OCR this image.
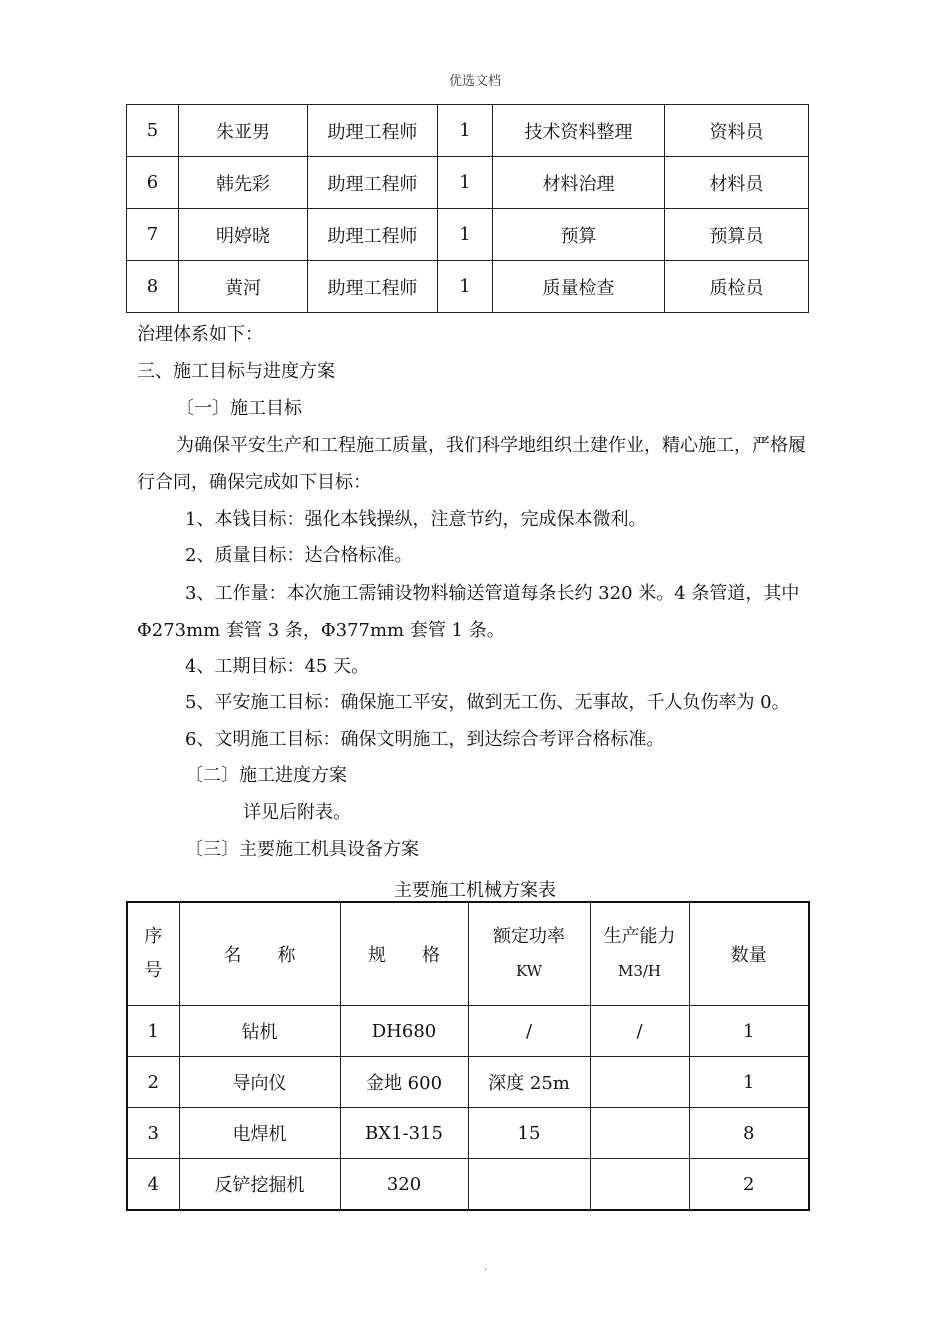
优选文档
5	朱亚男	助理工程师	1	技术资料整理	资料员
6	韩先彩	助理工程师	1	材料治理	材料员
7	明婷晓	助理工程师	1	预算	预算员
8	黄河	助理工程师	1	质量检查	质检员
治理体系如下：
三、施工目标与进度方案
〔一〕施工目标
为确保平安生产和工程施工质量，我们科学地组织土建作业，精心施工，严格履
行合同，确保完成如下目标：
1、本钱目标：强化本钱操纵，注意节约，完成保本微利。
2、质量目标：达合格标准。
3、工作量：本次施工需铺设物料输送管道每条长约 320 米。4 条管道，其中
Φ273mm 套管 3 条，Φ377mm 套管 1 条。
4、工期目标：45 天。
5、平安施工目标：确保施工平安，做到无工伤、无事故，千人负伤率为 0。
6、文明施工目标：确保文明施工，到达综合考评合格标准。
〔二〕施工进度方案
详见后附表。
〔三〕主要施工机具设备方案
主要施工机械方案表
序
号	名　　称	规　　格	额定功率
KW	生产能力
M3/H	数量
1	钻机	DH680	/	/	1
2	导向仪	金地 600	深度 25m		1
3	电焊机	BX1-315	15		8
4	反铲挖掘机	320			2
.
